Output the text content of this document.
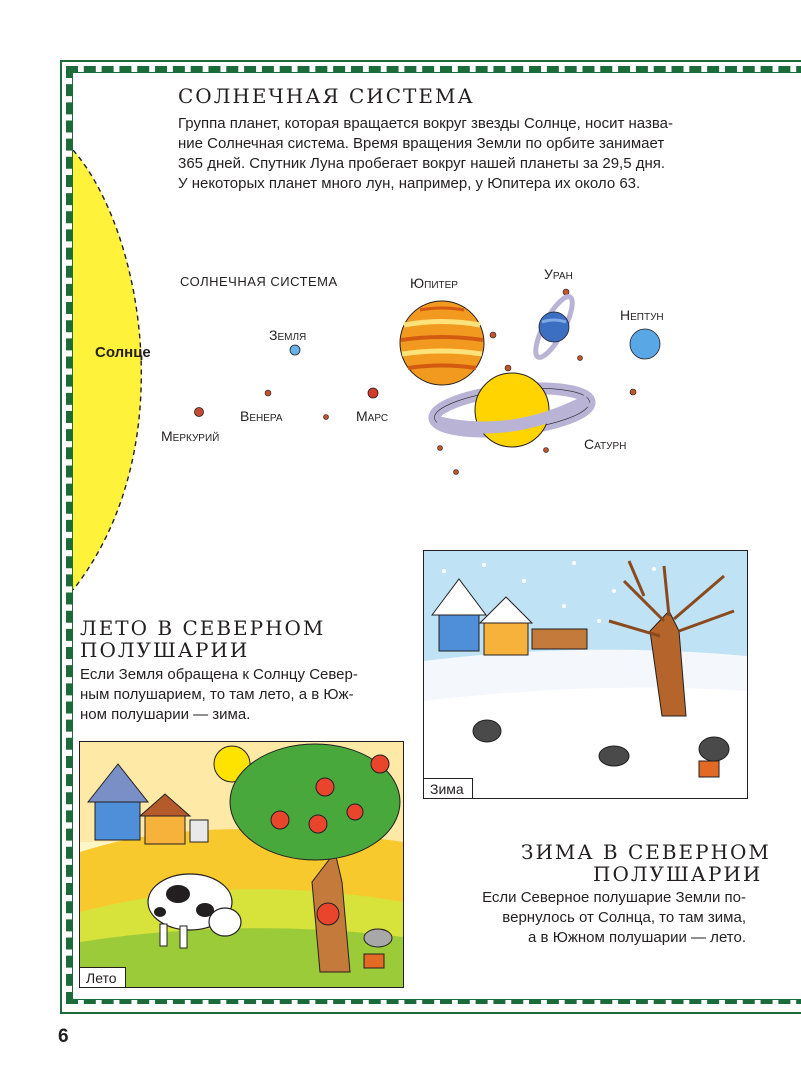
Солнце
СОЛНЕЧНАЯ СИСТЕМА

Группа планет, которая вращается вокруг звезды Солнце, носит назва-

ние Солнечная система. Время вращения Земли по орбите занимает

365 дней. Спутник Луна пробегает вокруг нашей планеты за 29,5 дня.

У некоторых планет много лун, например, у Юпитера их около 63.

СОЛНЕЧНАЯ СИСТЕМА
Меркурий
Венера
Земля
Марс
Юпитер
Уран
Нептун
Сатурн
ЛЕТО В СЕВЕРНОМ
ПОЛУШАРИИ

Если Земля обращена к Солнцу Север-

ным полушарием, то там лето, а в Юж-

ном полушарии — зима.

Лето
Зима
ЗИМА В СЕВЕРНОМ
ПОЛУШАРИИ

Если Северное полушарие Земли по-

вернулось от Солнца, то там зима,

а в Южном полушарии — лето.

6
